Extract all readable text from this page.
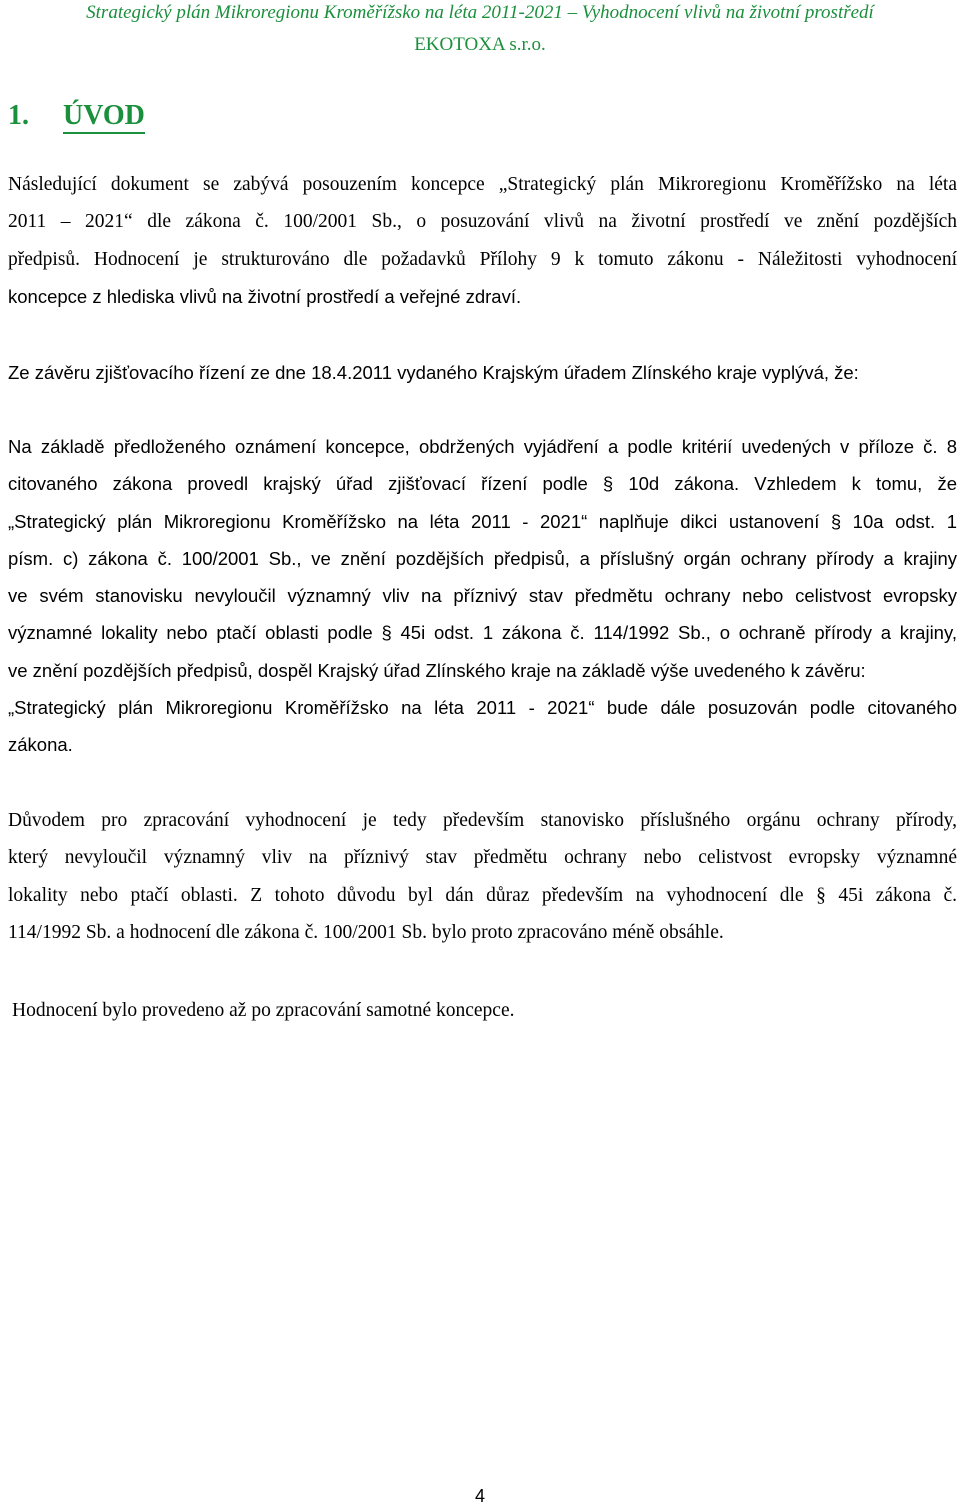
Strategický plán Mikroregionu Kroměřížsko na léta 2011-2021 – Vyhodnocení vlivů na životní prostředí
EKOTOXA s.r.o.
1. ÚVOD
Následující dokument se zabývá posouzením koncepce „Strategický plán Mikroregionu Kroměřížsko na léta
2011 – 2021“ dle zákona č. 100/2001 Sb., o posuzování vlivů na životní prostředí ve znění pozdějších
předpisů. Hodnocení je strukturováno dle požadavků Přílohy 9 k tomuto zákonu - Náležitosti vyhodnocení
koncepce z hlediska vlivů na životní prostředí a veřejné zdraví.
Ze závěru zjišťovacího řízení ze dne 18.4.2011 vydaného Krajským úřadem Zlínského kraje vyplývá, že:
Na základě předloženého oznámení koncepce, obdržených vyjádření a podle kritérií uvedených v příloze č. 8
citovaného zákona provedl krajský úřad zjišťovací řízení podle § 10d zákona. Vzhledem k tomu, že
„Strategický plán Mikroregionu Kroměřížsko na léta 2011 - 2021“ naplňuje dikci ustanovení § 10a odst. 1
písm. c) zákona č. 100/2001 Sb., ve znění pozdějších předpisů, a příslušný orgán ochrany přírody a krajiny
ve svém stanovisku nevyloučil významný vliv na příznivý stav předmětu ochrany nebo celistvost evropsky
významné lokality nebo ptačí oblasti podle § 45i odst. 1 zákona č. 114/1992 Sb., o ochraně přírody a krajiny,
ve znění pozdějších předpisů, dospěl Krajský úřad Zlínského kraje na základě výše uvedeného k závěru:
„Strategický plán Mikroregionu Kroměřížsko na léta 2011 - 2021“ bude dále posuzován podle citovaného
zákona.
Důvodem pro zpracování vyhodnocení je tedy především stanovisko příslušného orgánu ochrany přírody,
který nevyloučil významný vliv na příznivý stav předmětu ochrany nebo celistvost evropsky významné
lokality nebo ptačí oblasti. Z tohoto důvodu byl dán důraz především na vyhodnocení dle § 45i zákona č.
114/1992 Sb. a hodnocení dle zákona č. 100/2001 Sb. bylo proto zpracováno méně obsáhle.
Hodnocení bylo provedeno až po zpracování samotné koncepce.
4
